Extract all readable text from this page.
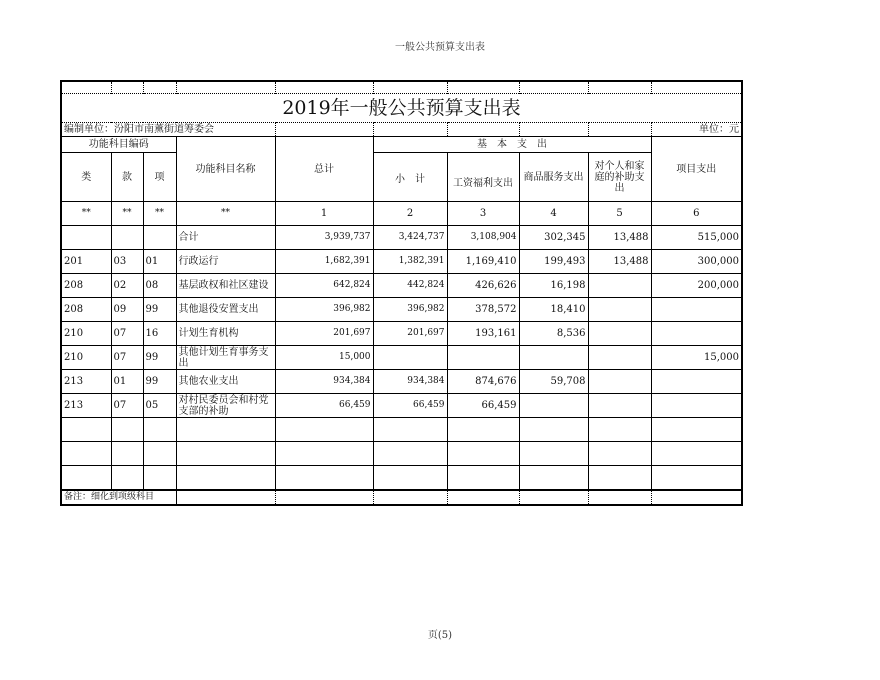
一般公共预算支出表

2019年一般公共预算支出表									
编制单位：汾阳市南薰街道筹委会									单位：元
功能科目编码			功能科目名称	总计	基　本　支　出				项目支出
类	款	项			小　计	工资福利支出	商品服务支出	对个人和家庭的补助支出	
**	**	**	**	1	2	3	4	5	6
			合计	3,939,737	3,424,737	3,108,904	302,345	13,488	515,000
201	03	01	行政运行	1,682,391	1,382,391	1,169,410	199,493	13,488	300,000
208	02	08	基层政权和社区建设	642,824	442,824	426,626	16,198		200,000
208	09	99	其他退役安置支出	396,982	396,982	378,572	18,410		
210	07	16	计划生育机构	201,697	201,697	193,161	8,536		
210	07	99	其他计划生育事务支出	15,000					15,000
213	01	99	其他农业支出	934,384	934,384	874,676	59,708		
213	07	05	对村民委员会和村党支部的补助	66,459	66,459	66,459			

备注：细化到项级科目									
页(5)
